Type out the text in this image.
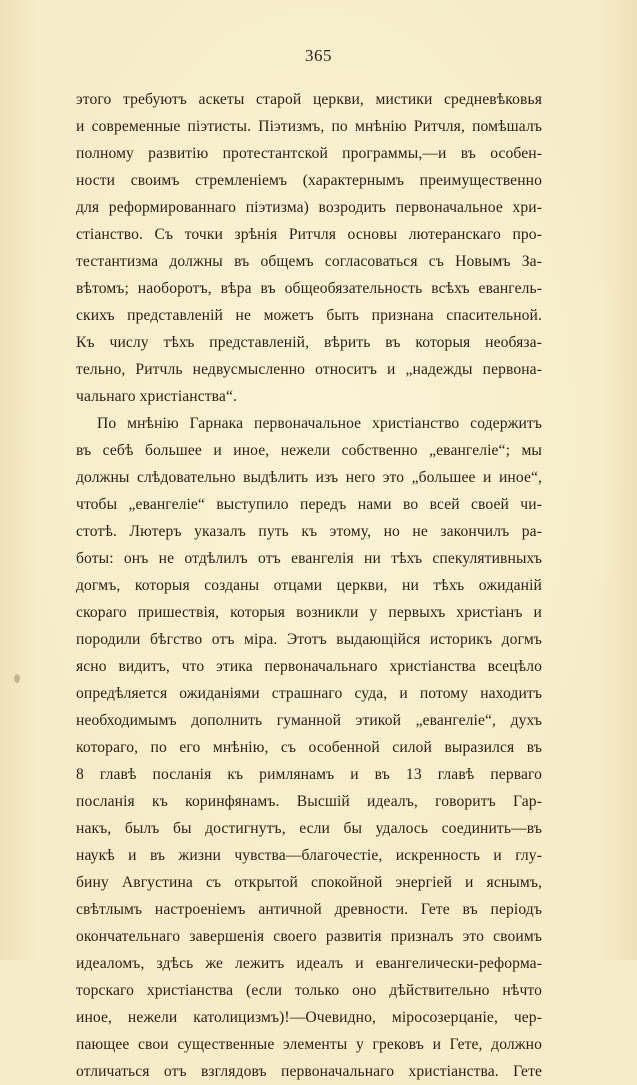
365
этого требуютъ аскеты старой церкви, мистики средневѣковья
и современные піэтисты. Піэтизмъ, по мнѣнію Ритчля, помѣшалъ
полному развитію протестантской программы,—и въ особен-
ности своимъ стремленіемъ (характернымъ преимущественно
для реформированнаго піэтизма) возродить первоначальное хри-
стіанство. Съ точки зрѣнія Ритчля основы лютеранскаго про-
тестантизма должны въ общемъ согласоваться съ Новымъ За-
вѣтомъ; наоборотъ, вѣра въ общеобязательность всѣхъ евангель-
скихъ представленій не можетъ быть признана спасительной.
Къ числу тѣхъ представленій, вѣрить въ которыя необяза-
тельно, Ритчль недвусмысленно относитъ и „надежды первона-
чальнаго христіанства“.
По мнѣнію Гарнака первоначальное христіанство содержитъ
въ себѣ большее и иное, нежели собственно „евангеліе“; мы
должны слѣдовательно выдѣлить изъ него это „большее и иное“,
чтобы „евангеліе“ выступило передъ нами во всей своей чи-
стотѣ. Лютеръ указалъ путь къ этому, но не закончилъ ра-
боты: онъ не отдѣлилъ отъ евангелія ни тѣхъ спекулятивныхъ
догмъ, которыя созданы отцами церкви, ни тѣхъ ожиданій
скораго пришествія, которыя возникли у первыхъ христіанъ и
породили бѣгство отъ міра. Этотъ выдающійся историкъ догмъ
ясно видитъ, что этика первоначальнаго христіанства всецѣло
опредѣляется ожиданіями страшнаго суда, и потому находитъ
необходимымъ дополнить гуманной этикой „евангеліе“, духъ
котораго, по его мнѣнію, съ особенной силой выразился въ
8 главѣ посланія къ римлянамъ и въ 13 главѣ перваго
посланія къ коринфянамъ. Высшій идеалъ, говоритъ Гар-
накъ, былъ бы достигнутъ, если бы удалось соединить—въ
наукѣ и въ жизни чувства—благочестіе, искренность и глу-
бину Августина съ открытой спокойной энергіей и яснымъ,
свѣтлымъ настроеніемъ античной древности. Гете въ періодъ
окончательнаго завершенія своего развитія призналъ это своимъ
идеаломъ, здѣсь же лежитъ идеалъ и евангелически-реформа-
торскаго христіанства (если только оно дѣйствительно нѣчто
иное, нежели католицизмъ)!—Очевидно, міросозерцаніе, чер-
пающее свои существенные элементы у грековъ и Гете, должно
отличаться отъ взглядовъ первоначальнаго христіанства. Гете
